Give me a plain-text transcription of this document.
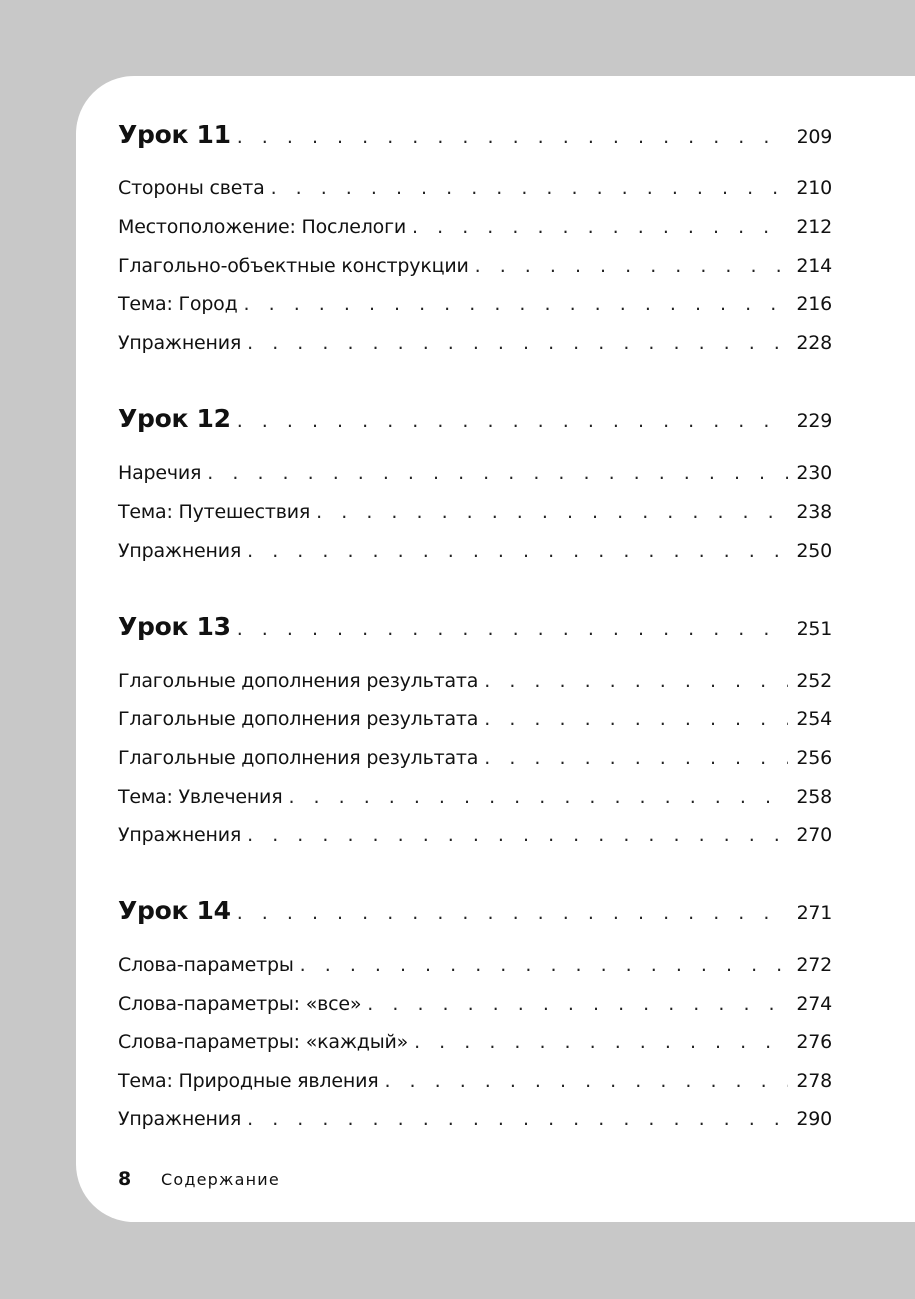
Урок 11 . . .	209
Стороны света . . .	210
Местоположение: Послелоги . . .	212
Глагольно-объектные конструкции . . .	214
Тема: Город . . .	216
Упражнения . . .	228
Урок 12 . . .	229
Наречия . . .	230
Тема: Путешествия . . .	238
Упражнения . . .	250
Урок 13 . . .	251
Глагольные дополнения результата . . .	252
Глагольные дополнения результата . . .	254
Глагольные дополнения результата . . .	256
Тема: Увлечения . . .	258
Упражнения . . .	270
Урок 14 . . .	271
Слова-параметры . . .	272
Слова-параметры: «все» . . .	274
Слова-параметры: «каждый» . . .	276
Тема: Природные явления . . .	278
Упражнения . . .	290
8	Содержание
